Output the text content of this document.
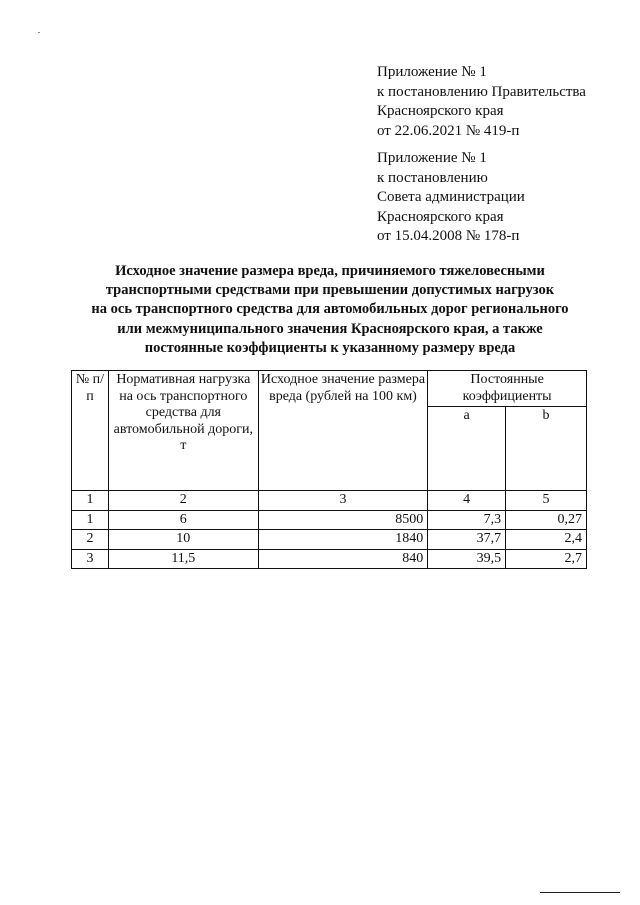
Приложение № 1
к постановлению Правительства
Красноярского края
от 22.06.2021 № 419-п
Приложение № 1
к постановлению
Совета администрации
Красноярского края
от 15.04.2008 № 178-п
Исходное значение размера вреда, причиняемого тяжеловесными
транспортными средствами при превышении допустимых нагрузок
на ось транспортного средства для автомобильных дорог регионального
или межмуниципального значения Красноярского края, а также
постоянные коэффициенты к указанному размеру вреда
№ п/п	Нормативная нагрузка на ось транспортного средства для автомобильной дороги, т	Исходное значение размера вреда (рублей на 100 км)	Постоянные коэффициенты	
			a	b
1	2	3	4	5
1	6	8500	7,3	0,27
2	10	1840	37,7	2,4
3	11,5	840	39,5	2,7
